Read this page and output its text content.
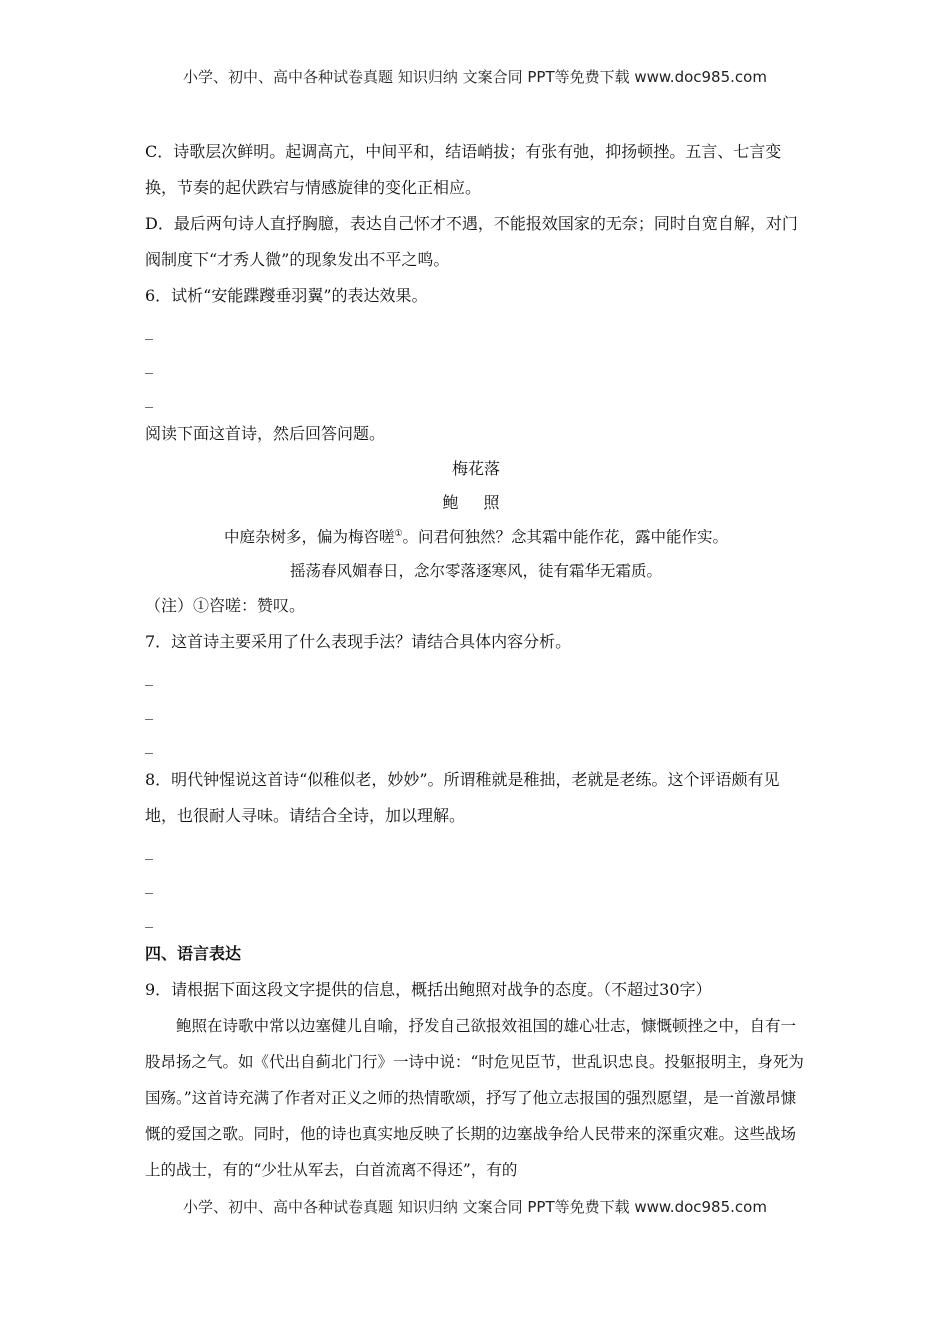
小学、初中、高中各种试卷真题 知识归纳 文案合同 PPT等免费下载 www.doc985.com

C．诗歌层次鲜明。起调高亢，中间平和，结语峭拔；有张有弛，抑扬顿挫。五言、七言变换，节奏的起伏跌宕与情感旋律的变化正相应。

D．最后两句诗人直抒胸臆，表达自己怀才不遇，不能报效国家的无奈；同时自宽自解，对门阀制度下“才秀人微”的现象发出不平之鸣。

6．试析“安能蹀躞垂羽翼”的表达效果。

_
_
_

阅读下面这首诗，然后回答问题。

梅花落

鲍 照

中庭杂树多，偏为梅咨嗟①。问君何独然？念其霜中能作花，露中能作实。

摇荡春风媚春日，念尔零落逐寒风，徒有霜华无霜质。

（注）①咨嗟：赞叹。

7．这首诗主要采用了什么表现手法？请结合具体内容分析。

_
_
_

8．明代钟惺说这首诗“似稚似老，妙妙”。所谓稚就是稚拙，老就是老练。这个评语颇有见地，也很耐人寻味。请结合全诗，加以理解。

_
_
_

四、语言表达

9．请根据下面这段文字提供的信息，概括出鲍照对战争的态度。（不超过30字）

鲍照在诗歌中常以边塞健儿自喻，抒发自己欲报效祖国的雄心壮志，慷慨顿挫之中，自有一股昂扬之气。如《代出自蓟北门行》一诗中说：“时危见臣节，世乱识忠良。投躯报明主，身死为国殇。”这首诗充满了作者对正义之师的热情歌颂，抒写了他立志报国的强烈愿望，是一首激昂慷慨的爱国之歌。同时，他的诗也真实地反映了长期的边塞战争给人民带来的深重灾难。这些战场上的战士，有的“少壮从军去，白首流离不得还”，有的

小学、初中、高中各种试卷真题 知识归纳 文案合同 PPT等免费下载 www.doc985.com
